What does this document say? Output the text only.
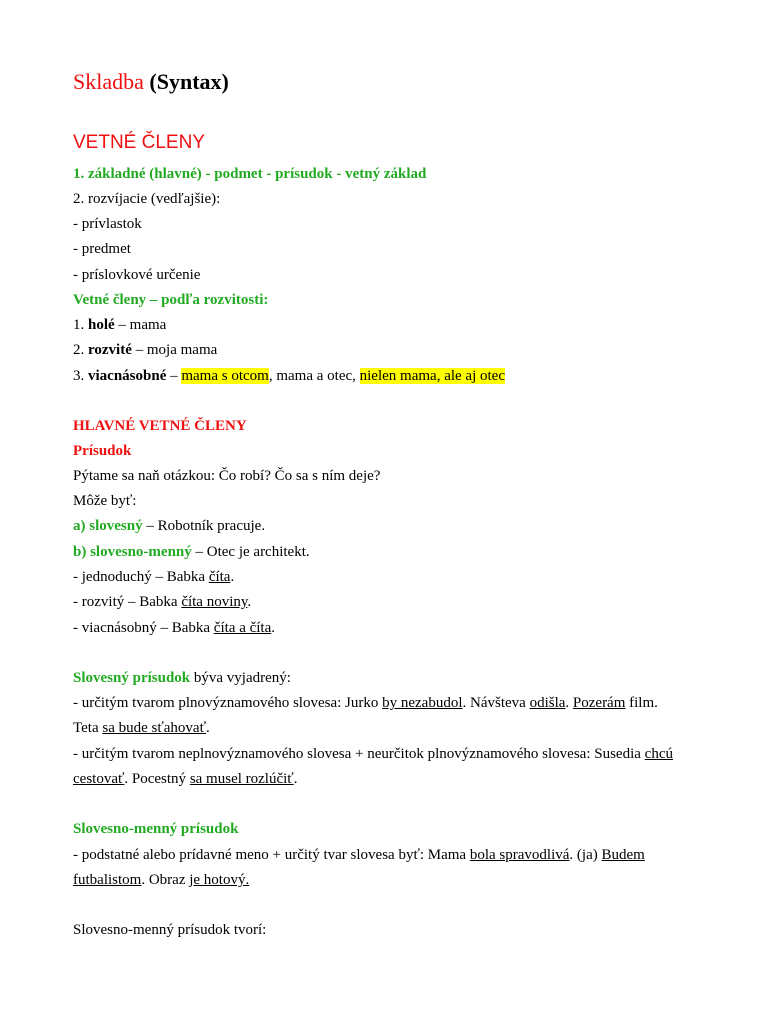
Skladba (Syntax)
VETNÉ ČLENY
1. základné (hlavné) - podmet - prísudok - vetný základ
2. rozvíjacie (vedľajšie):
- prívlastok
- predmet
- príslovkové určenie
Vetné členy – podľa rozvitosti:
1. holé – mama
2. rozvité – moja mama
3. viacnásobné – mama s otcom, mama a otec, nielen mama, ale aj otec
HLAVNÉ VETNÉ ČLENY
Prísudok
Pýtame sa naň otázkou: Čo robí? Čo sa s ním deje?
Môže byť:
a) slovesný – Robotník pracuje.
b) slovesno-menný – Otec je architekt.
- jednoduchý – Babka číta.
- rozvitý – Babka číta noviny.
- viacnásobný – Babka číta a číta.
Slovesný prísudok býva vyjadrený:
- určitým tvarom plnovýznamového slovesa: Jurko by nezabudol. Návšteva odišla. Pozerám film.
Teta sa bude sťahovať.
- určitým tvarom neplnovýznamového slovesa + neurčitok plnovýznamového slovesa: Susedia chcú
cestovať. Pocestný sa musel rozlúčiť.
Slovesno-menný prísudok
- podstatné alebo prídavné meno + určitý tvar slovesa byť: Mama bola spravodlivá. (ja) Budem
futbalistom. Obraz je hotový.
Slovesno-menný prísudok tvorí:
